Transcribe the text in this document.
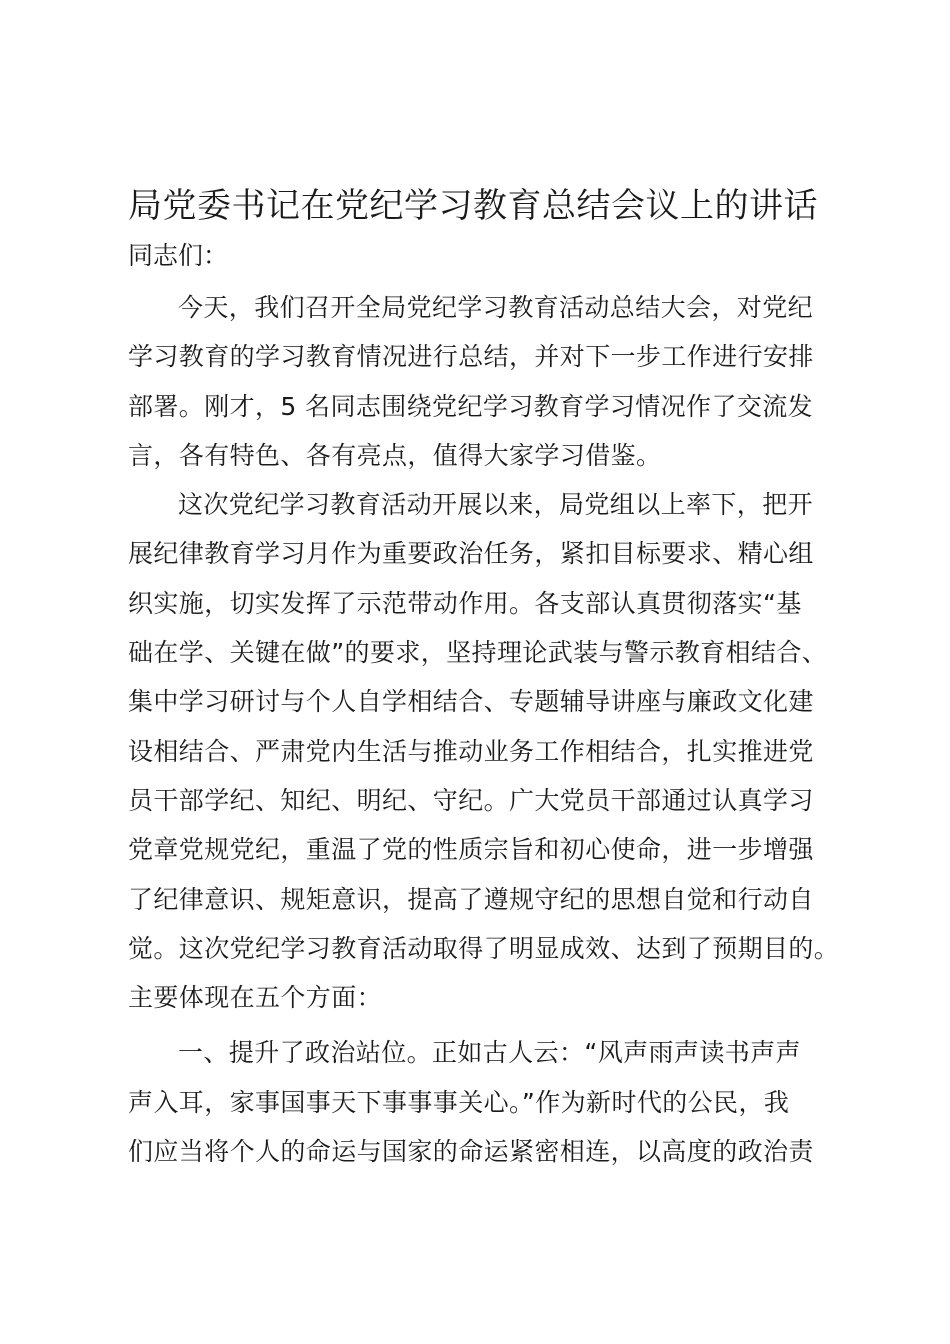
局党委书记在党纪学习教育总结会议上的讲话
同志们：
今天，我们召开全局党纪学习教育活动总结大会，对党纪
学习教育的学习教育情况进行总结，并对下一步工作进行安排
部署。刚才，5 名同志围绕党纪学习教育学习情况作了交流发
言，各有特色、各有亮点，值得大家学习借鉴。
这次党纪学习教育活动开展以来，局党组以上率下，把开
展纪律教育学习月作为重要政治任务，紧扣目标要求、精心组
织实施，切实发挥了示范带动作用。各支部认真贯彻落实“基
础在学、关键在做”的要求，坚持理论武装与警示教育相结合、
集中学习研讨与个人自学相结合、专题辅导讲座与廉政文化建
设相结合、严肃党内生活与推动业务工作相结合，扎实推进党
员干部学纪、知纪、明纪、守纪。广大党员干部通过认真学习
党章党规党纪，重温了党的性质宗旨和初心使命，进一步增强
了纪律意识、规矩意识，提高了遵规守纪的思想自觉和行动自
觉。这次党纪学习教育活动取得了明显成效、达到了预期目的。
主要体现在五个方面：
一、提升了政治站位。正如古人云：“风声雨声读书声声
声入耳，家事国事天下事事事关心。”作为新时代的公民，我
们应当将个人的命运与国家的命运紧密相连，以高度的政治责
